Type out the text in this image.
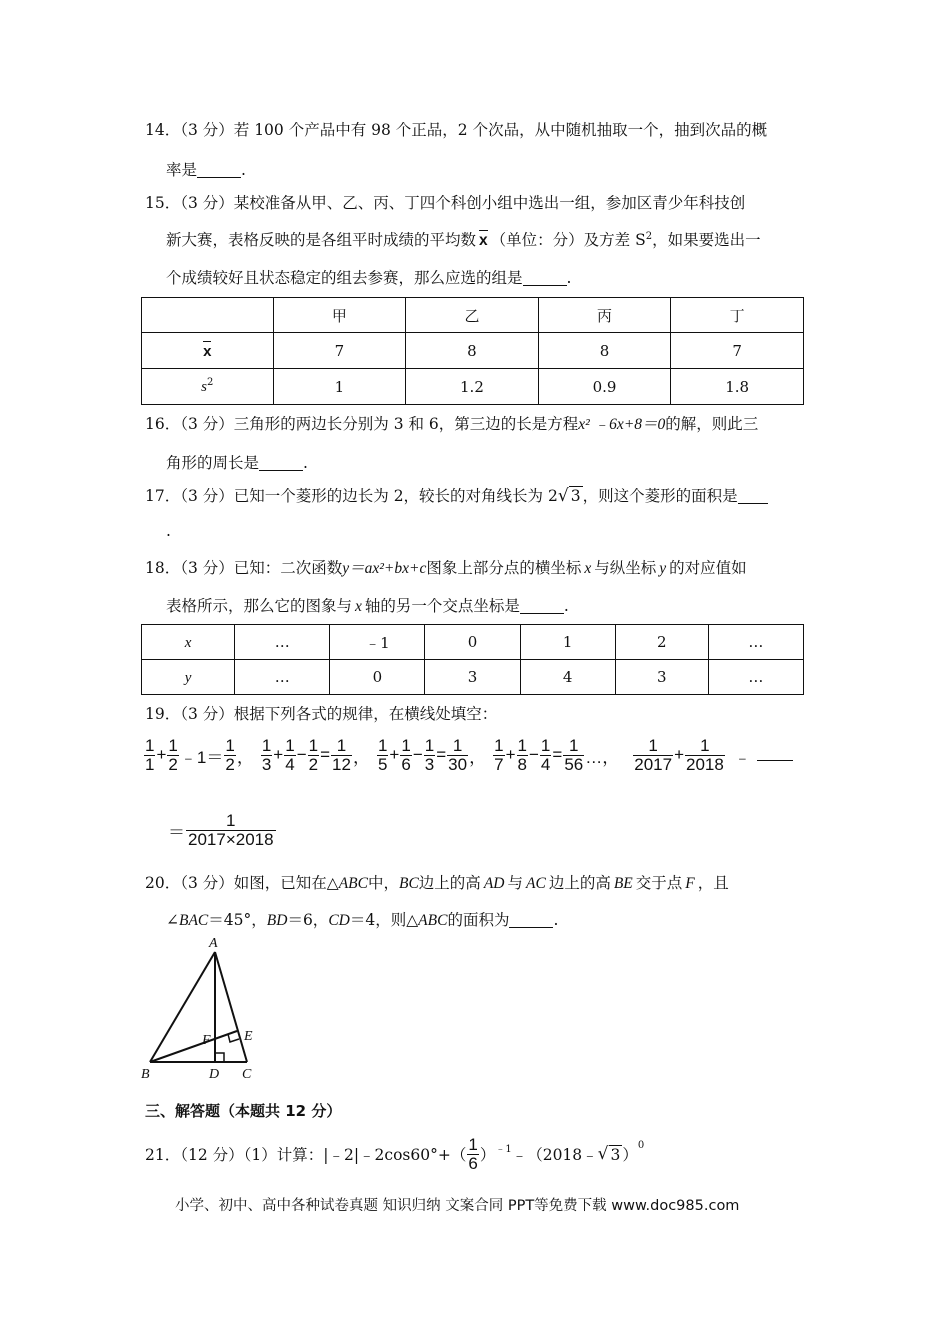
14．（3 分）若 100 个产品中有 98 个正品，2 个次品，从中随机抽取一个，抽到次品的概
率是	.
15．（3 分）某校准备从甲、乙、丙、丁四个科创小组中选出一组，参加区青少年科技创
新大赛，表格反映的是各组平时成绩的平均数 x （单位：分）及方差 $S^2$，如果要选出一
个成绩较好且状态稳定的组去参赛，那么应选的组是	.
	甲	乙	丙	丁
x	7	8	8	7
$s^2$	1	1.2	0.9	1.8
16．（3 分）三角形的两边长分别为 3 和 6，第三边的长是方程x² ﹣6x+8＝0的解，则此三
角形的周长是	.
17．（3 分）已知一个菱形的边长为 2，较长的对角线长为 2√ 3 ，则这个菱形的面积是
.
18．（3 分）已知：二次函数y＝ax²+bx+c图象上部分点的横坐标 x 与纵坐标 y 的对应值如
表格所示，那么它的图象与 x 轴的另一个交点坐标是	.
x	…	﹣1	0	1	2	…
y	…	0	3	4	3	…
19．（3 分）根据下列各式的规律，在横线处填空：
$\frac{1}{1} + \frac{1}{2}$ ﹣1＝ $\frac{1}{2}$ ， $\frac{1}{3} + \frac{1}{4} - \frac{1}{2} = \frac{1}{12}$ ， $\frac{1}{5} + \frac{1}{6} - \frac{1}{3} = \frac{1}{30}$ ， $\frac{1}{7} + \frac{1}{8} - \frac{1}{4} = \frac{1}{56}$ …， $\frac{1}{2017} + \frac{1}{2018}$ ﹣
＝ $\frac{1}{2017\times 2018}$
20．（3 分）如图，已知在△ABC中，BC边上的高 AD 与 AC 边上的高 BE 交于点 F ，且
∠BAC＝45°，BD＝6，CD＝4，则△ABC的面积为	.
A
B	C
D
E
F
三、解答题（本题共 12 分）
21．（12 分）（1）计算：|﹣2|﹣2cos60°+（ $\frac{1}{6} )^{﹣1}$ ﹣（2018﹣ √ 3 ）
$^0$
小学、初中、高中各种试卷真题 知识归纳 文案合同 PPT等免费下载 www.doc985.com
